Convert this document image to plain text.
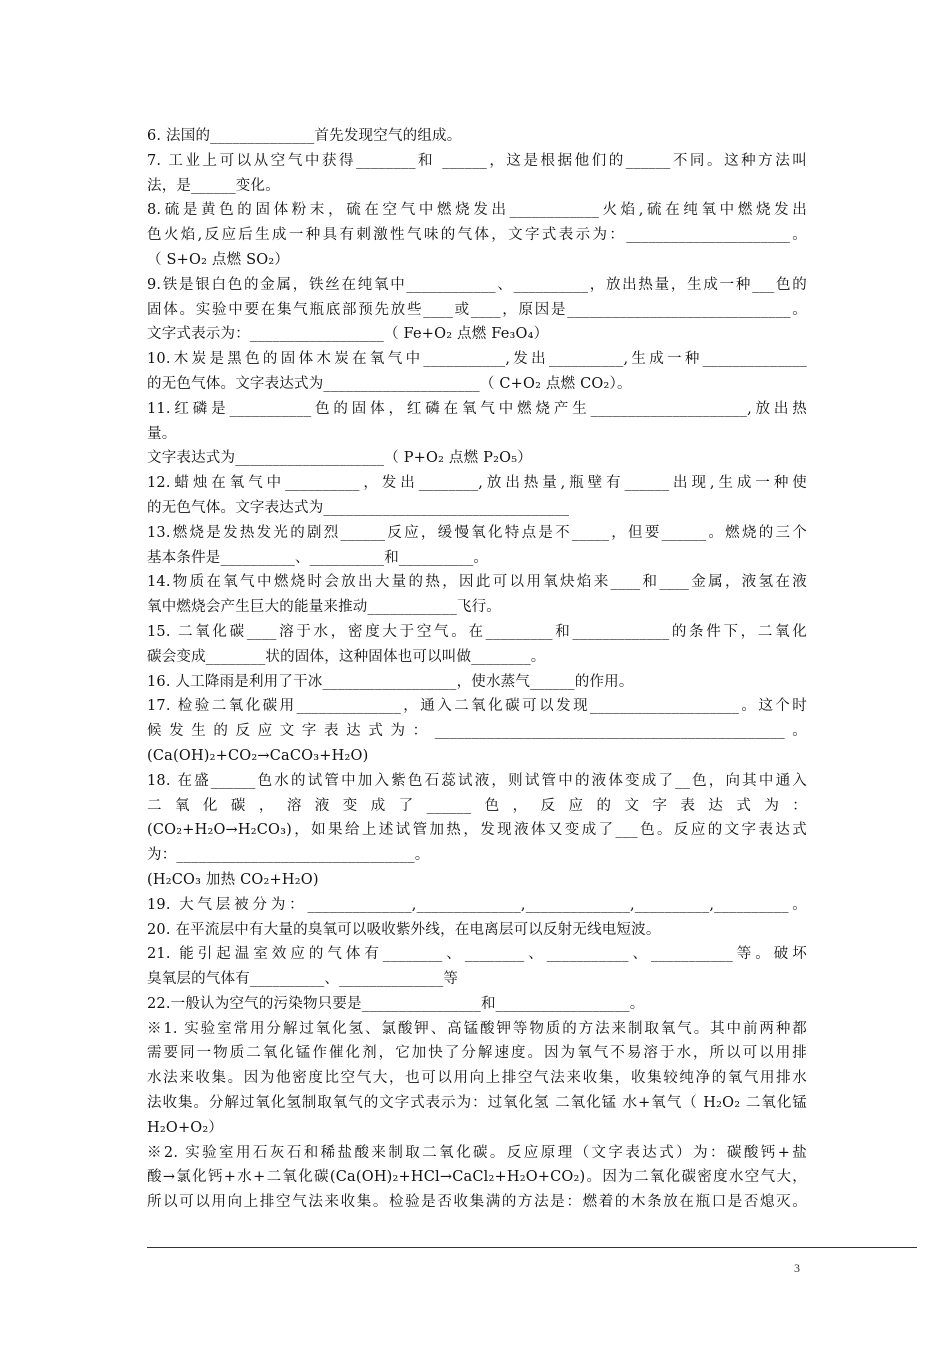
6. 法国的______________首先发现空气的组成。
7. 工业上可以从空气中获得________和 ______，这是根据他们的______不同。这种方法叫
法，是______变化。
8.硫是黄色的固体粉末，硫在空气中燃烧发出____________火焰,硫在纯氧中燃烧发出
色火焰,反应后生成一种具有刺激性气味的气体，文字式表示为：______________________。
（ S+O₂ 点燃 SO₂）
9.铁是银白色的金属，铁丝在纯氧中____________、__________，放出热量，生成一种___色的
固体。实验中要在集气瓶底部预先放些____或____，原因是______________________________。
文字式表示为：__________________（ Fe+O₂ 点燃 Fe₃O₄）
10.木炭是黑色的固体木炭在氧气中___________,发出__________,生成一种______________
的无色气体。文字表达式为_____________________（ C+O₂ 点燃 CO₂）。
11.红磷是___________色的固体，红磷在氧气中燃烧产生_____________________,放出热
量。
文字表达式为____________________（ P+O₂ 点燃 P₂O₅）
12.蜡烛在氧气中__________，发出________,放出热量,瓶壁有______出现,生成一种使
的无色气体。文字表达式为_________________________________
13.燃烧是发热发光的剧烈______反应，缓慢氧化特点是不_____，但要______。燃烧的三个
基本条件是__________、__________和__________。
14.物质在氧气中燃烧时会放出大量的热，因此可以用氧炔焰来____和____金属，液氢在液
氧中燃烧会产生巨大的能量来推动____________飞行。
15. 二氧化碳____溶于水，密度大于空气。在_________和_____________的条件下，二氧化
碳会变成________状的固体，这种固体也可以叫做________。
16. 人工降雨是利用了干冰__________________，使水蒸气______的作用。
17. 检验二氧化碳用______________，通入二氧化碳可以发现____________________。这个时
候发生的反应文字表达式为：_______________________________________________。
(Ca(OH)₂+CO₂→CaCO₃+H₂O)
18. 在盛______色水的试管中加入紫色石蕊试液，则试管中的液体变成了__色，向其中通入
二氧化碳，溶液变成了______色，反应的文字表达式为：
(CO₂+H₂O→H₂CO₃)，如果给上述试管加热，发现液体又变成了___色。反应的文字表达式
为：________________________________。
(H₂CO₃ 加热 CO₂+H₂O)
19. 大气层被分为：______________,______________,______________,__________,__________。
20. 在平流层中有大量的臭氧可以吸收紫外线，在电离层可以反射无线电短波。
21. 能引起温室效应的气体有________、________、___________、___________等。破坏
臭氧层的气体有__________、______________等
22.一般认为空气的污染物只要是________________和__________________。
※1. 实验室常用分解过氧化氢、氯酸钾、高锰酸钾等物质的方法来制取氧气。其中前两种都
需要同一物质二氧化锰作催化剂，它加快了分解速度。因为氧气不易溶于水，所以可以用排
水法来收集。因为他密度比空气大，也可以用向上排空气法来收集，收集较纯净的氧气用排水
法收集。分解过氧化氢制取氧气的文字式表示为：过氧化氢 二氧化锰 水+氧气（ H₂O₂ 二氧化锰
H₂O+O₂）
※2. 实验室用石灰石和稀盐酸来制取二氧化碳。反应原理（文字表达式）为：碳酸钙+盐
酸→氯化钙+水+二氧化碳(Ca(OH)₂+HCl→CaCl₂+H₂O+CO₂)。因为二氧化碳密度水空气大，
所以可以用向上排空气法来收集。检验是否收集满的方法是：燃着的木条放在瓶口是否熄灭。
3
